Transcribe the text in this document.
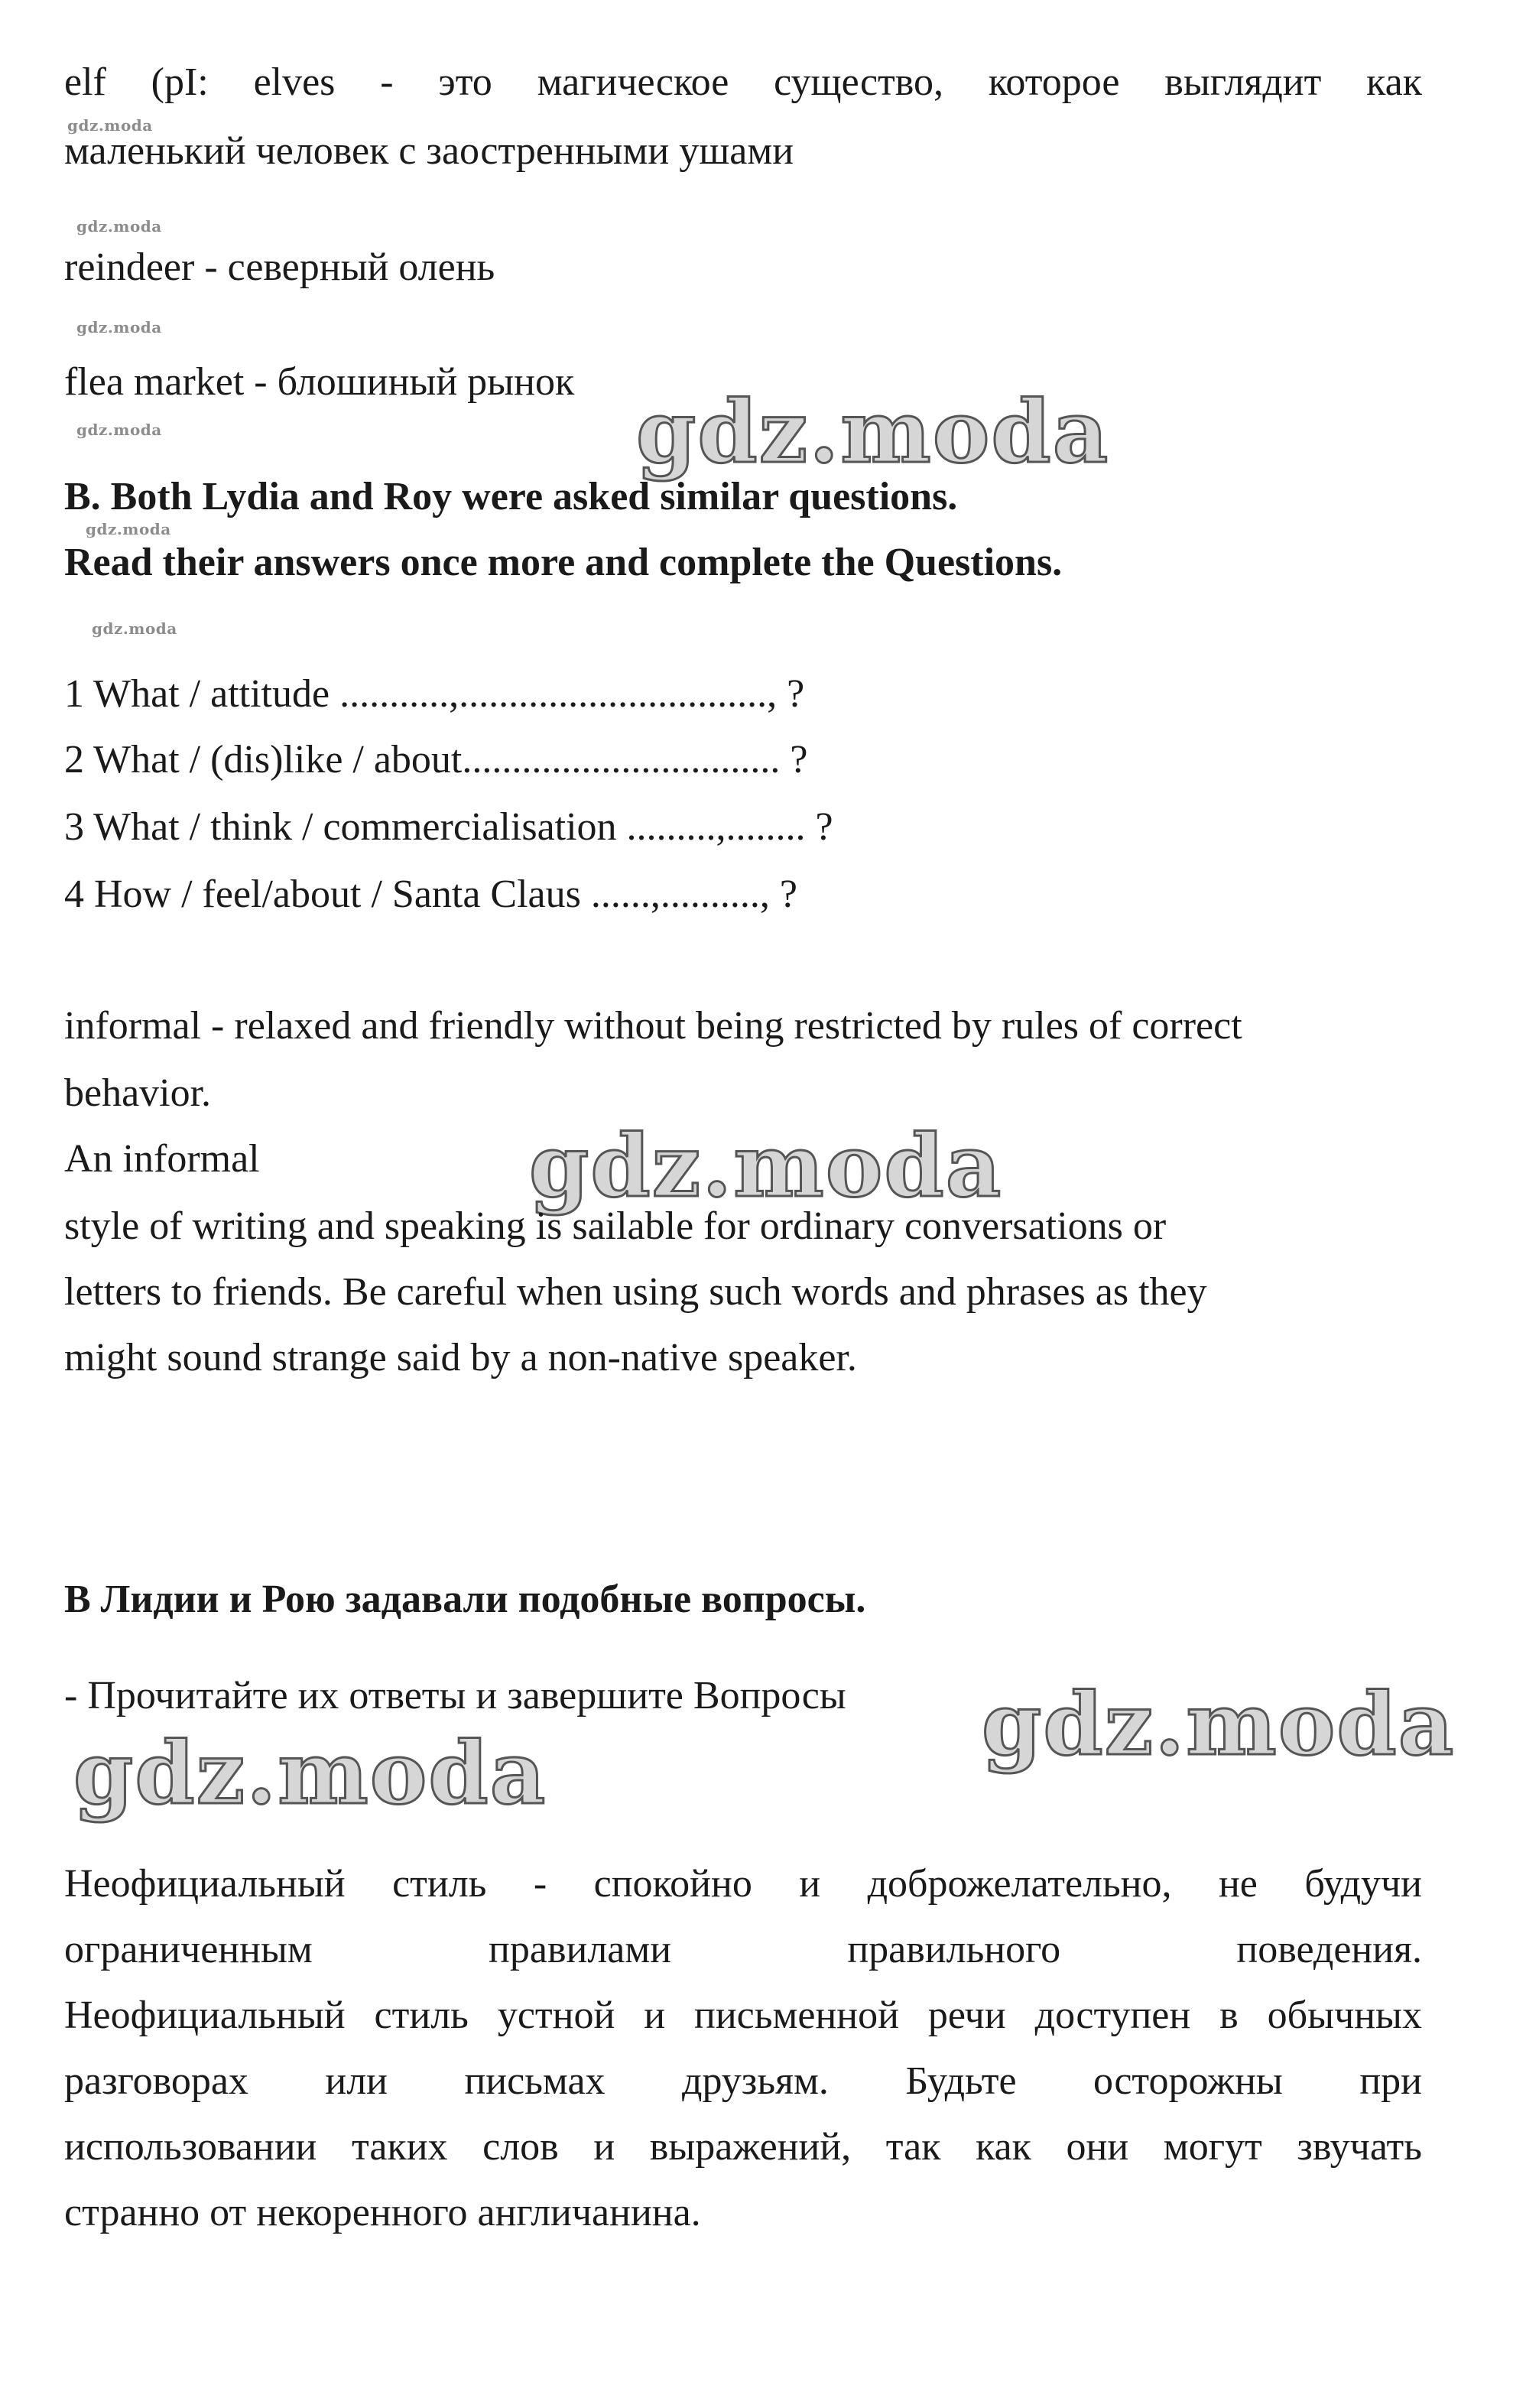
elf (pI: elves - это магическое существо, которое выглядит как
gdz.moda
маленький человек с заостренными ушами
gdz.moda
reindeer - северный олень
gdz.moda
flea market - блошиный рынок
gdz.moda
gdz.moda
B. Both Lydia and Roy were asked similar questions.
gdz.moda
Read their answers once more and complete the Questions.
gdz.moda
1 What / attitude ...........,..............................., ?
2 What / (dis)like / about................................ ?
3 What / think / commercialisation .........,........ ?
4 How / feel/about / Santa Claus ......,.........., ?
informal - relaxed and friendly without being restricted by rules of correct
behavior.
An informal	gdz.moda
style of writing and speaking is sailable for ordinary conversations or
letters to friends. Be careful when using such words and phrases as they
might sound strange said by a non-native speaker.
В Лидии и Рою задавали подобные вопросы.
- Прочитайте их ответы и завершите Вопросы gdz.moda
gdz.moda
Неофициальный стиль - спокойно и доброжелательно, не будучи
ограниченным правилами правильного поведения.
Неофициальный стиль устной и письменной речи доступен в обычных
разговорах или письмах друзьям. Будьте осторожны при
использовании таких слов и выражений, так как они могут звучать
странно от некоренного англичанина.
